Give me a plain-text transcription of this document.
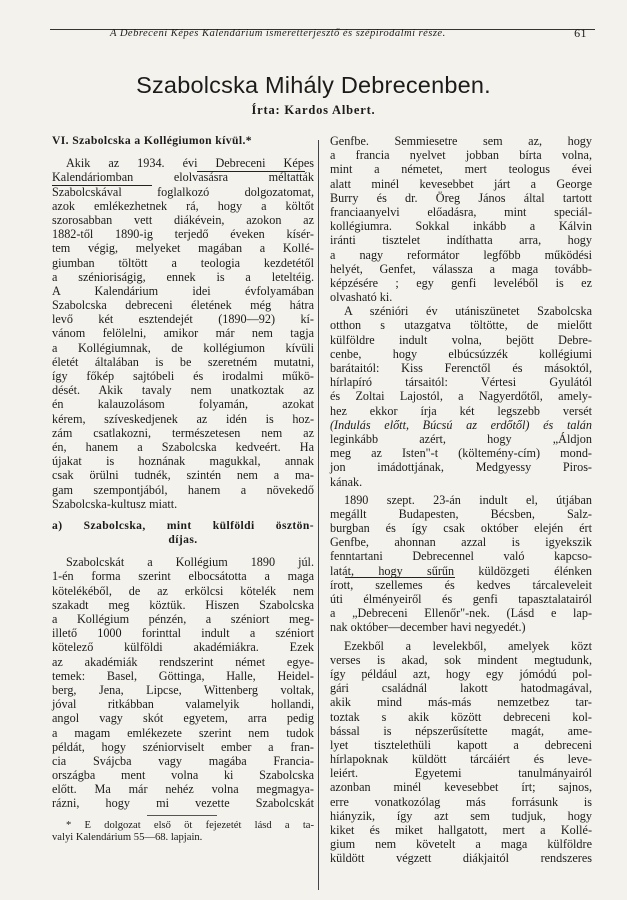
A Debreceni Képes Kalendárium ismeretterjesztő és szépirodalmi része.	61
Szabolcska Mihály Debrecenben.
Írta: Kardos Albert.
VI. Szabolcska a Kollégiumon kívül.*
Akik az 1934. évi Debreceni Képes
Kalendáriomban elolvasásra méltatták
Szabolcskával foglalkozó dolgozatomat,
azok emlékezhetnek rá, hogy a költőt
szorosabban vett diákévein, azokon az
1882-től 1890-ig terjedő éveken kísér-
tem végig, melyeket magában a Kollé-
giumban töltött a teologia kezdetétől
a szénioriságig, ennek is a leteltéig.
A Kalendárium idei évfolyamában
Szabolcska debreceni életének még hátra
levő két esztendejét (1890—92) kí-
vánom felölelni, amikor már nem tagja
a Kollégiumnak, de kollégiumon kívüli
életét általában is be szeretném mutatni,
így főkép sajtóbeli és irodalmi műkö-
dését. Akik tavaly nem unatkoztak az
én kalauzolásom folyamán, azokat
kérem, szíveskedjenek az idén is hoz-
zám csatlakozni, természetesen nem az
én, hanem a Szabolcska kedveért. Ha
újakat is hoznának magukkal, annak
csak örülni tudnék, szintén nem a ma-
gam szempontjából, hanem a növekedő
Szabolcska-kultusz miatt.
a) Szabolcska, mint külföldi ösztön-
díjas.
Szabolcskát a Kollégium 1890 júl.
1-én forma szerint elbocsátotta a maga
kötelékéből, de az erkölcsi kötelék nem
szakadt meg köztük. Hiszen Szabolcska
a Kollégium pénzén, a széniort meg-
illető 1000 forinttal indult a széniort
kötelező külföldi akadémiákra. Ezek
az akadémiák rendszerint német egye-
temek: Basel, Göttinga, Halle, Heidel-
berg, Jena, Lipcse, Wittenberg voltak,
jóval ritkábban valamelyik hollandi,
angol vagy skót egyetem, arra pedig
a magam emlékezete szerint nem tudok
példát, hogy széniorviselt ember a fran-
cia Svájcba vagy magába Francia-
országba ment volna ki Szabolcska
előtt. Ma már nehéz volna megmagya-
rázni, hogy mi vezette Szabolcskát
* E dolgozat első öt fejezetét lásd a ta-
valyi Kalendárium 55—68. lapjain.
Genfbe. Semmiesetre sem az, hogy
a francia nyelvet jobban bírta volna,
mint a németet, mert teologus évei
alatt minél kevesebbet járt a George
Burry és dr. Öreg János által tartott
franciaanyelvi előadásra, mint speciál-
kollégiumra. Sokkal inkább a Kálvin
iránti tisztelet indíthatta arra, hogy
a nagy reformátor legfőbb működési
helyét, Genfet, válassza a maga tovább-
képzésére ; egy genfi leveléből is ez
olvasható ki.
A szénióri év utániszünetet Szabolcska
otthon s utazgatva töltötte, de mielőtt
külföldre indult volna, bejött Debre-
cenbe, hogy elbúcsúzzék kollégiumi
barátaitól: Kiss Ferenctől és másoktól,
hírlapíró társaitól: Vértesi Gyulától
és Zoltai Lajostól, a Nagyerdőtől, amely-
hez ekkor írja két legszebb versét
(Indulás előtt, Búcsú az erdőtől) és talán
leginkább azért, hogy „Áldjon
meg az Isten"-t (költemény-cím) mond-
jon imádottjának, Medgyessy Piros-
kának.
1890 szept. 23-án indult el, útjában
megállt Budapesten, Bécsben, Salz-
burgban és így csak október elején ért
Genfbe, ahonnan azzal is igyekszik
fenntartani Debrecennel való kapcso-
latát, hogy sűrűn küldözgeti élénken
írott, szellemes és kedves tárcaleveleit
úti élményeiről és genfi tapasztalatairól
a „Debreceni Ellenőr"-nek. (Lásd e lap-
nak október—december havi negyedét.)
Ezekből a levelekből, amelyek közt
verses is akad, sok mindent megtudunk,
így például azt, hogy egy jómódú pol-
gári családnál lakott hatodmagával,
akik mind más-más nemzetbez tar-
toztak s akik között debreceni kol-
bással is népszerűsítette magát, ame-
lyet tisztelethüli kapott a debreceni
hírlapoknak küldött tárcáiért és leve-
leiért. Egyetemi tanulmányairól
azonban minél kevesebbet írt; sajnos,
erre vonatkozólag más forrásunk is
hiányzik, így azt sem tudjuk, hogy
kiket és miket hallgatott, mert a Kollé-
gium nem követelt a maga külföldre
küldött végzett diákjaitól rendszeres
